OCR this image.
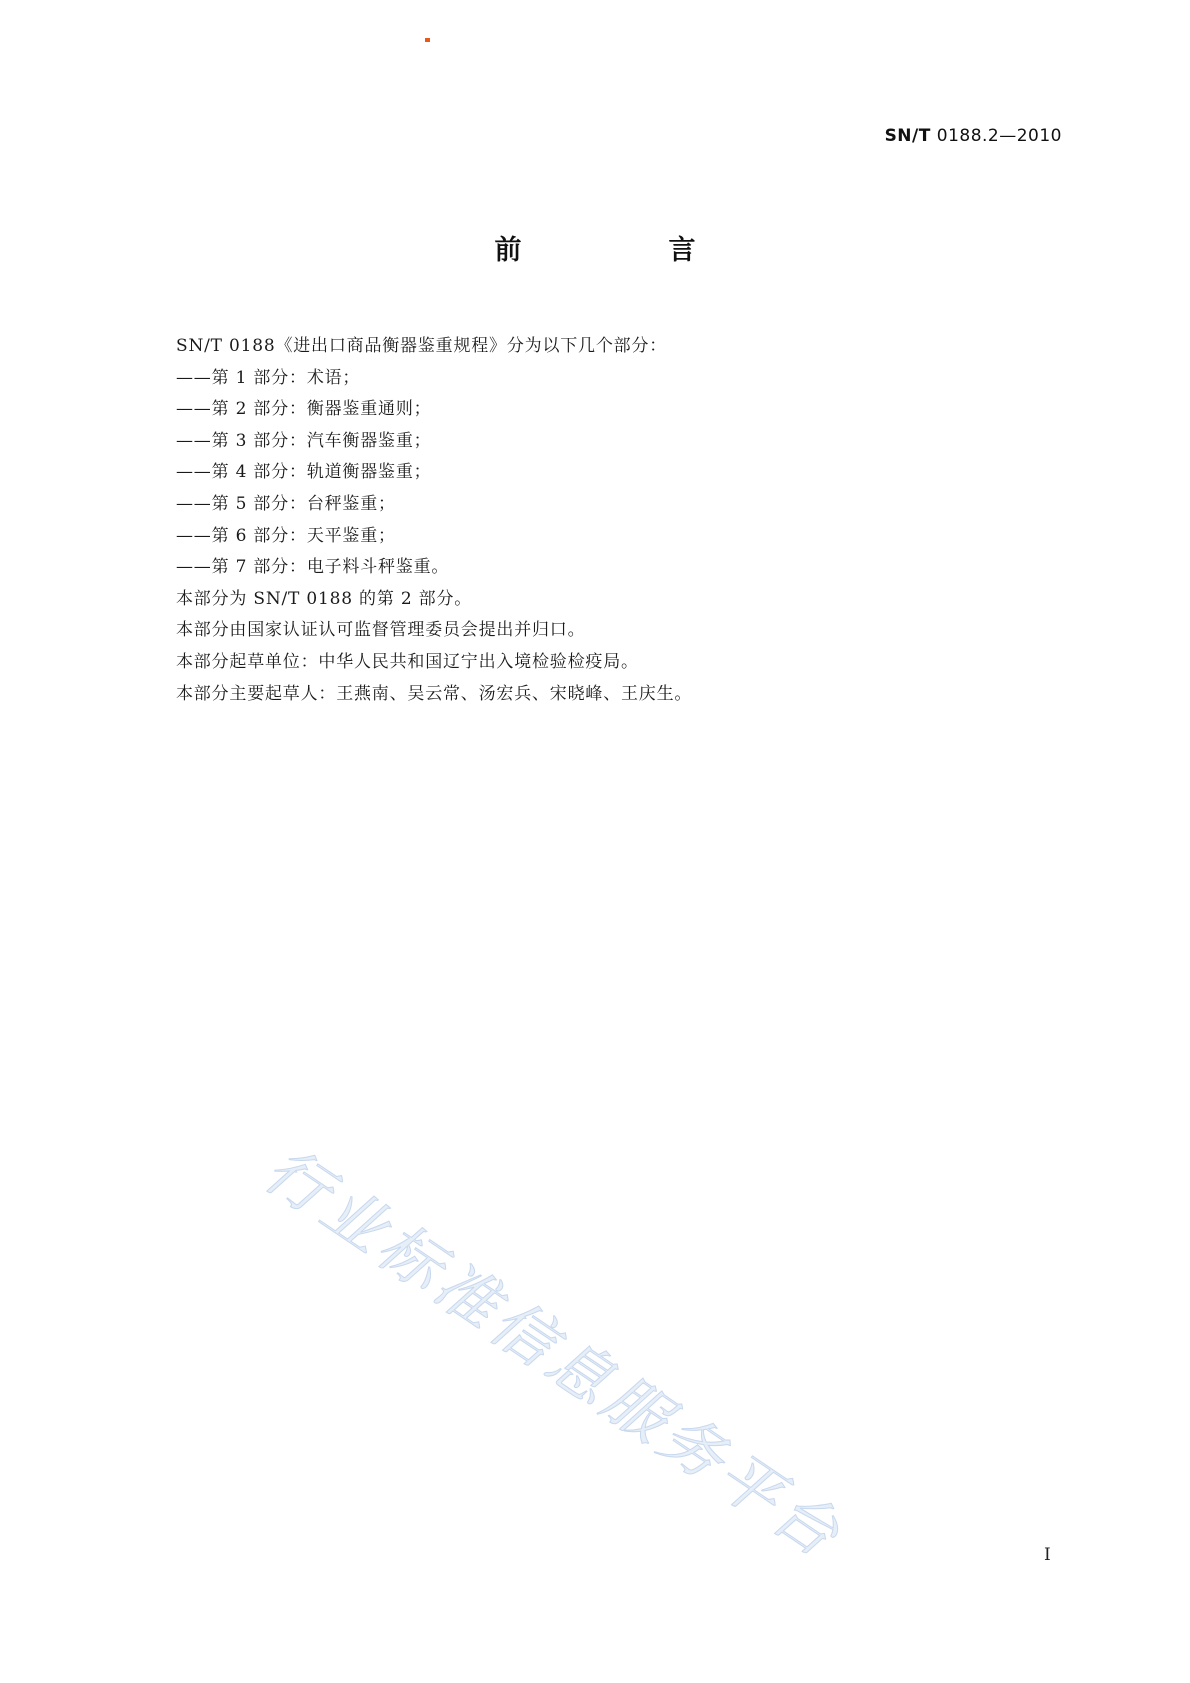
SN/T 0188.2—2010
前　言
SN/T 0188《进出口商品衡器鉴重规程》分为以下几个部分：
——第 1 部分：术语；
——第 2 部分：衡器鉴重通则；
——第 3 部分：汽车衡器鉴重；
——第 4 部分：轨道衡器鉴重；
——第 5 部分：台秤鉴重；
——第 6 部分：天平鉴重；
——第 7 部分：电子料斗秤鉴重。
本部分为 SN/T 0188 的第 2 部分。
本部分由国家认证认可监督管理委员会提出并归口。
本部分起草单位：中华人民共和国辽宁出入境检验检疫局。
本部分主要起草人：王燕南、吴云常、汤宏兵、宋晓峰、王庆生。
行业标准信息服务平台	I
